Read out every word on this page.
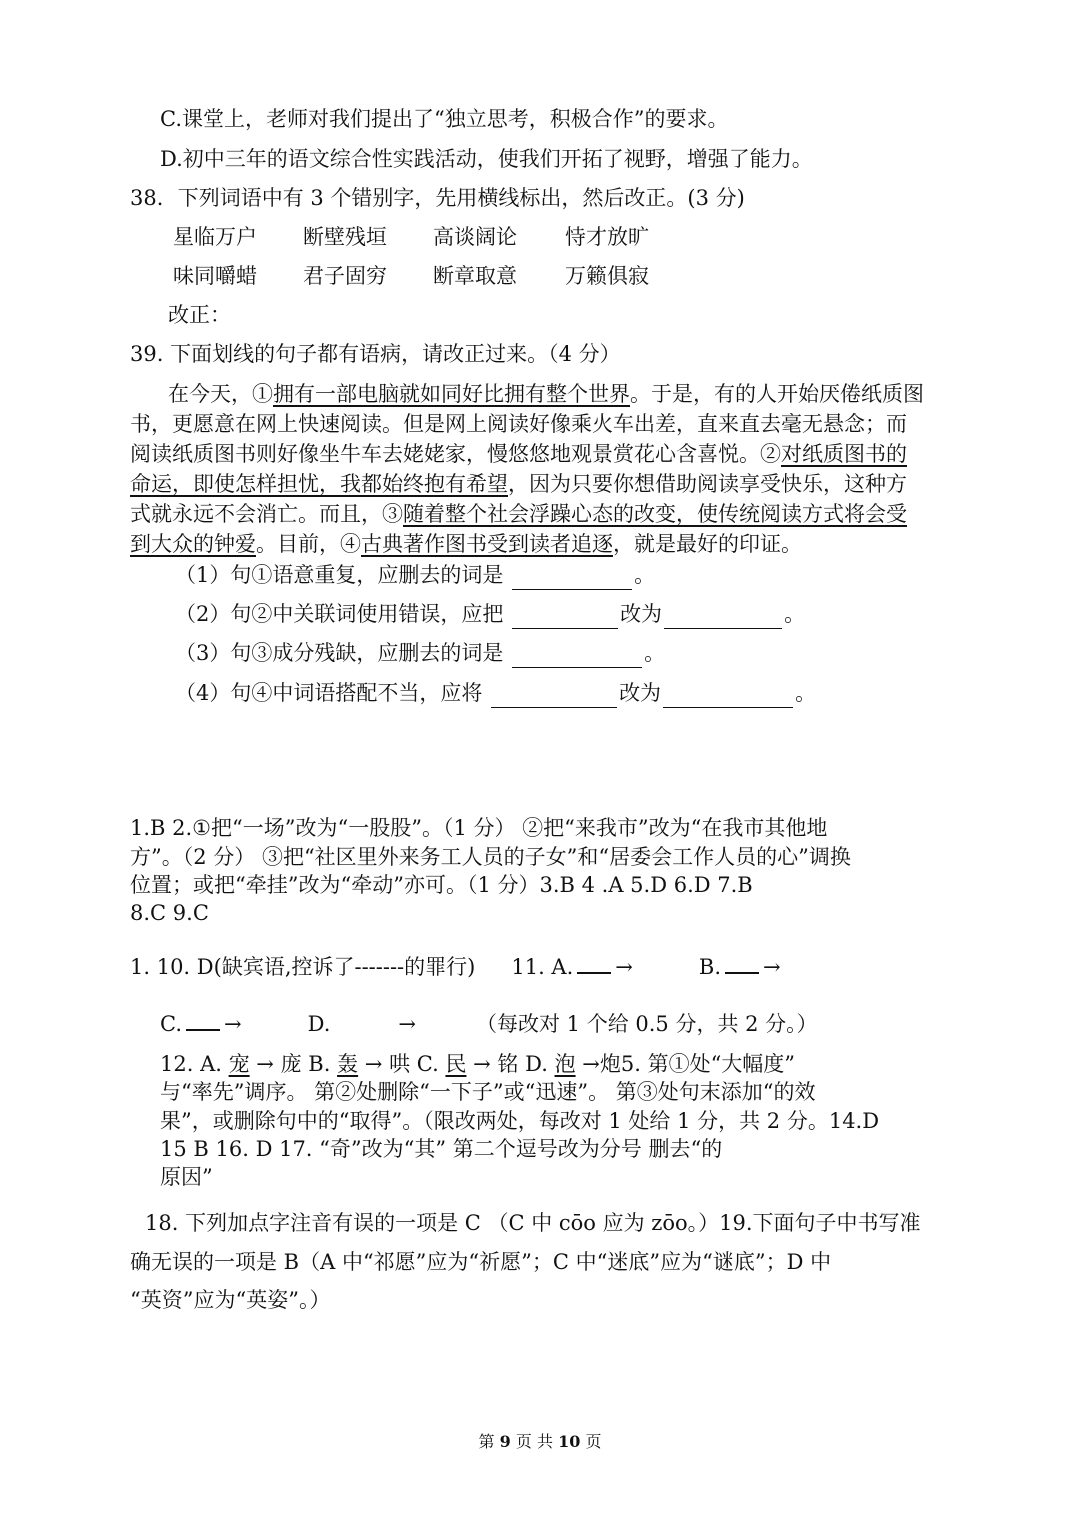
C.课堂上，老师对我们提出了“独立思考，积极合作”的要求。
D.初中三年的语文综合性实践活动，使我们开拓了视野，增强了能力。
38．下列词语中有 3 个错别字，先用横线标出，然后改正。(3 分)
星临万户 断壁残垣 高谈阔论 恃才放旷
味同嚼蜡 君子固穷 断章取意 万籁俱寂
改正：
39. 下面划线的句子都有语病，请改正过来。（4 分）
在今天，①拥有一部电脑就如同好比拥有整个世界。于是，有的人开始厌倦纸质图
书，更愿意在网上快速阅读。但是网上阅读好像乘火车出差，直来直去毫无悬念；而
阅读纸质图书则好像坐牛车去姥姥家，慢悠悠地观景赏花心含喜悦。②对纸质图书的
命运，即使怎样担忧，我都始终抱有希望，因为只要你想借助阅读享受快乐，这种方
式就永远不会消亡。而且，③随着整个社会浮躁心态的改变，使传统阅读方式将会受
到大众的钟爱。目前，④古典著作图书受到读者追逐，就是最好的印证。
（1）句①语意重复，应删去的词是	。
（2）句②中关联词使用错误，应把	改为	。
（3）句③成分残缺，应删去的词是	。
（4）句④中词语搭配不当，应将	改为	。
1.B 2.①把“一场”改为“一股股”。（1 分） ②把“来我市”改为“在我市其他地
方”。（2 分） ③把“社区里外来务工人员的子女”和“居委会工作人员的心”调换
位置；或把“牵挂”改为“牵动”亦可。（1 分）3.B 4 .A 5.D 6.D 7.B
8.C 9.C
1. 10. D(缺宾语,控诉了-------的罪行) 11. A. →	B. →
C. →	D.	→	（每改对 1 个给 0.5 分，共 2 分。）
12. A. 宠 → 庞 B. 轰 → 哄 C. 民 → 铭 D. 泡 →炮5. 第①处“大幅度”
与“率先”调序。 第②处删除“一下子”或“迅速”。 第③处句末添加“的效
果”，或删除句中的“取得”。（限改两处，每改对 1 处给 1 分，共 2 分。14.D
15 B 16. D 17. “奇”改为“其” 第二个逗号改为分号 删去“的
原因”
18. 下列加点字注音有误的一项是 C （C 中 cōo 应为 zōo。）19.下面句子中书写准
确无误的一项是 B（A 中“祁愿”应为“祈愿”；C 中“迷底”应为“谜底”；D 中
“英资”应为“英姿”。）
第 9 页 共 10 页
